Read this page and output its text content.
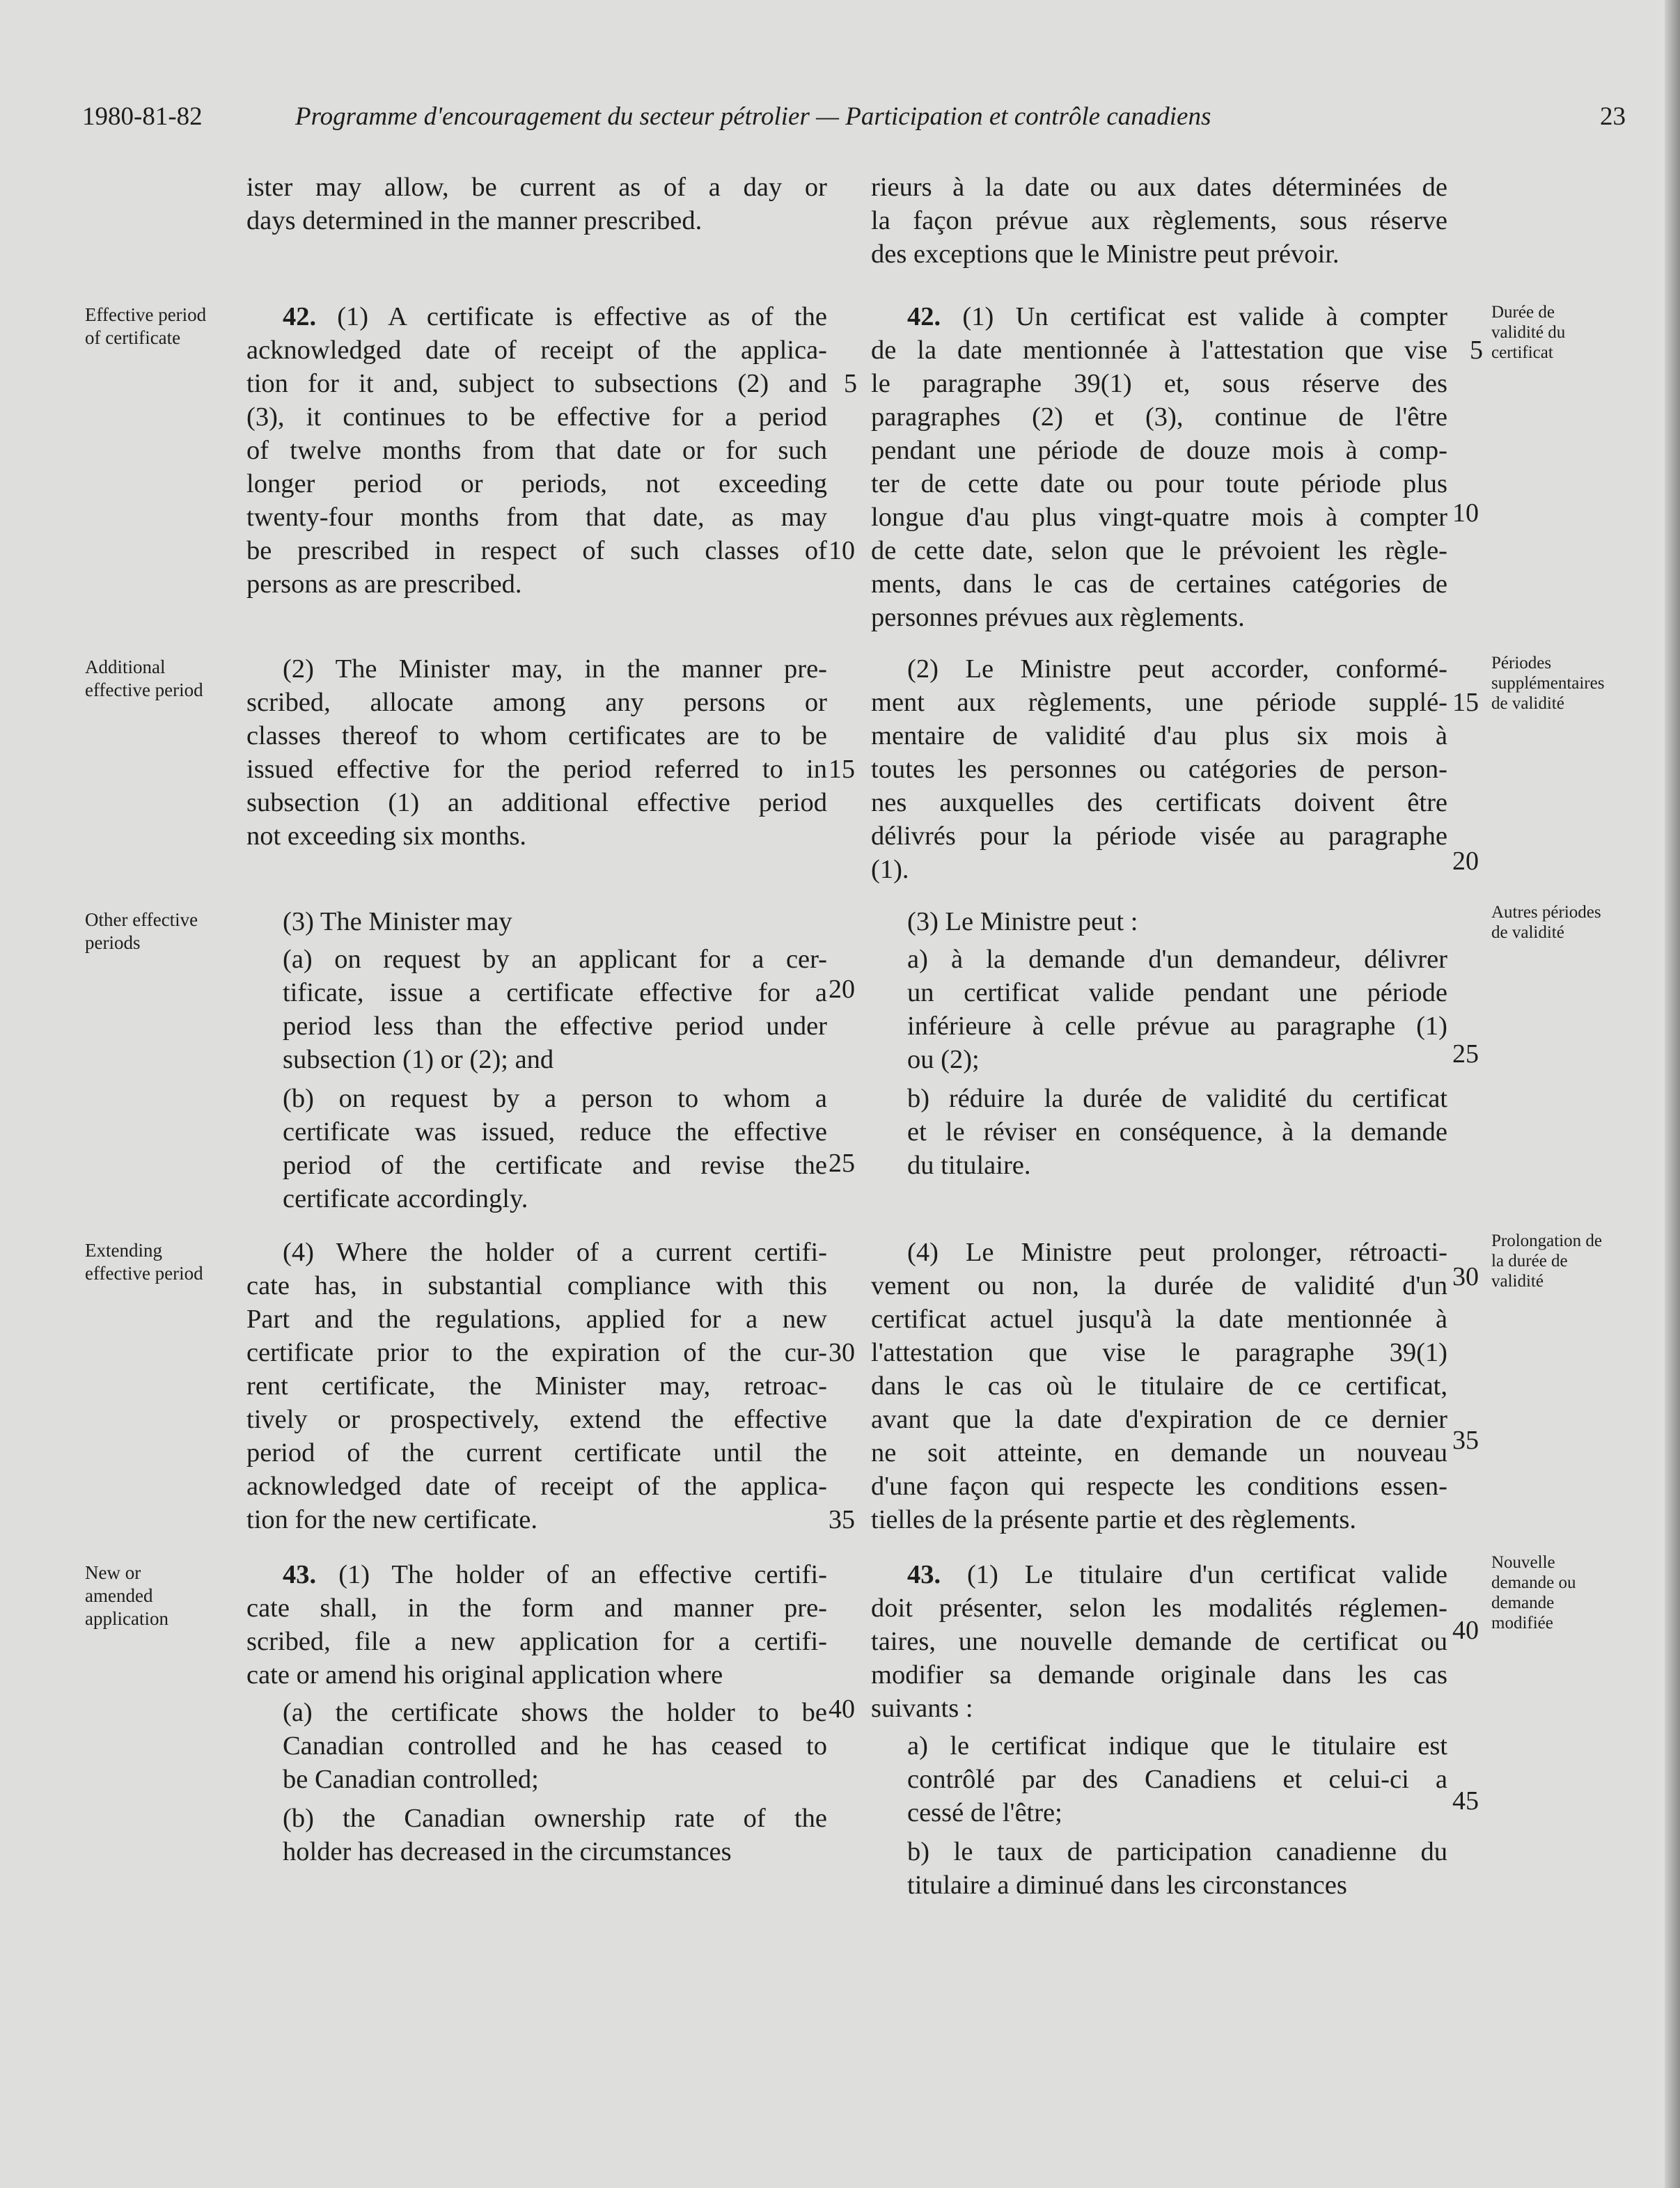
1980-81-82	Programme d'encouragement du secteur pétrolier — Participation et contrôle canadiens	23

ister may allow, be current as of a day or

days determined in the manner prescribed.

42. (1) A certificate is effective as of the

acknowledged date of receipt of the applica-

tion for it and, subject to subsections (2) and

(3), it continues to be effective for a period

of twelve months from that date or for such

longer period or periods, not exceeding

twenty-four months from that date, as may

be prescribed in respect of such classes of

persons as are prescribed.

(2) The Minister may, in the manner pre-

scribed, allocate among any persons or

classes thereof to whom certificates are to be

issued effective for the period referred to in

subsection (1) an additional effective period

not exceeding six months.

(3) The Minister may

(a) on request by an applicant for a cer-

tificate, issue a certificate effective for a

period less than the effective period under

subsection (1) or (2); and

(b) on request by a person to whom a

certificate was issued, reduce the effective

period of the certificate and revise the

certificate accordingly.

(4) Where the holder of a current certifi-

cate has, in substantial compliance with this

Part and the regulations, applied for a new

certificate prior to the expiration of the cur-

rent certificate, the Minister may, retroac-

tively or prospectively, extend the effective

period of the current certificate until the

acknowledged date of receipt of the applica-

tion for the new certificate.

43. (1) The holder of an effective certifi-

cate shall, in the form and manner pre-

scribed, file a new application for a certifi-

cate or amend his original application where

(a) the certificate shows the holder to be

Canadian controlled and he has ceased to

be Canadian controlled;

(b) the Canadian ownership rate of the

holder has decreased in the circumstances

rieurs à la date ou aux dates déterminées de

la façon prévue aux règlements, sous réserve

des exceptions que le Ministre peut prévoir.

42. (1) Un certificat est valide à compter

de la date mentionnée à l'attestation que vise

le paragraphe 39(1) et, sous réserve des

paragraphes (2) et (3), continue de l'être

pendant une période de douze mois à comp-

ter de cette date ou pour toute période plus

longue d'au plus vingt-quatre mois à compter

de cette date, selon que le prévoient les règle-

ments, dans le cas de certaines catégories de

personnes prévues aux règlements.

(2) Le Ministre peut accorder, conformé-

ment aux règlements, une période supplé-

mentaire de validité d'au plus six mois à

toutes les personnes ou catégories de person-

nes auxquelles des certificats doivent être

délivrés pour la période visée au paragraphe

(1).

(3) Le Ministre peut :

a) à la demande d'un demandeur, délivrer

un certificat valide pendant une période

inférieure à celle prévue au paragraphe (1)

ou (2);

b) réduire la durée de validité du certificat

et le réviser en conséquence, à la demande

du titulaire.

(4) Le Ministre peut prolonger, rétroacti-

vement ou non, la durée de validité d'un

certificat actuel jusqu'à la date mentionnée à

l'attestation que vise le paragraphe 39(1)

dans le cas où le titulaire de ce certificat,

avant que la date d'expiration de ce dernier

ne soit atteinte, en demande un nouveau

d'une façon qui respecte les conditions essen-

tielles de la présente partie et des règlements.

43. (1) Le titulaire d'un certificat valide

doit présenter, selon les modalités réglemen-

taires, une nouvelle demande de certificat ou

modifier sa demande originale dans les cas

suivants :

a) le certificat indique que le titulaire est

contrôlé par des Canadiens et celui-ci a

cessé de l'être;

b) le taux de participation canadienne du

titulaire a diminué dans les circonstances

Effective period
of certificate
Additional
effective period
Other effective
periods
Extending
effective period
New or
amended
application
Durée de
validité du
certificat
Périodes
supplémentaires
de validité
Autres périodes
de validité
Prolongation de
la durée de
validité
Nouvelle
demande ou
demande
modifiée
5
10
15
20
25
30
35
40
5
10
15
20
25
30
35
40
45
